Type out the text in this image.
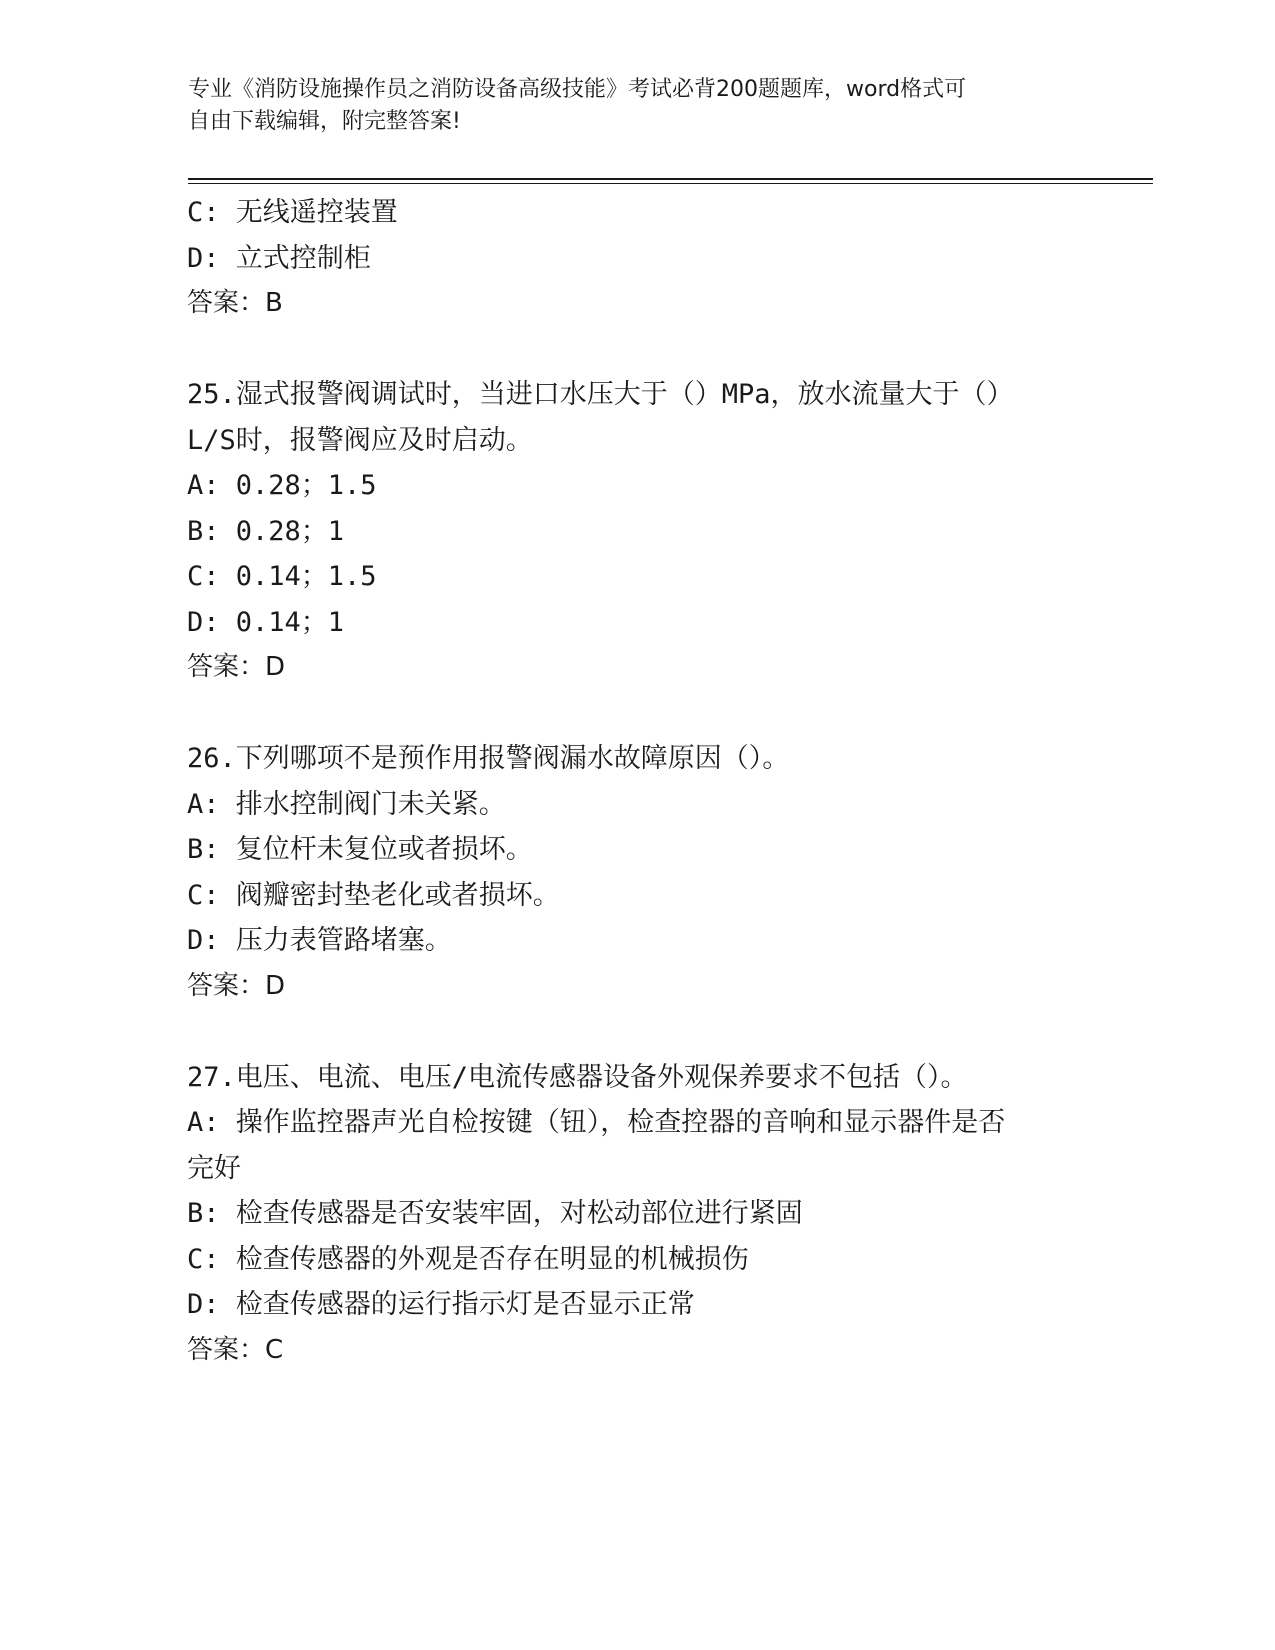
专业《消防设施操作员之消防设备高级技能》考试必背200题题库，word格式可
自由下载编辑，附完整答案!
C: 无线遥控装置
D: 立式控制柜
答案：B
25.湿式报警阀调试时，当进口水压大于（）MPa，放水流量大于（）
L/S时，报警阀应及时启动。
A: 0.28；1.5
B: 0.28；1
C: 0.14；1.5
D: 0.14；1
答案：D
26.下列哪项不是预作用报警阀漏水故障原因（）。
A: 排水控制阀门未关紧。
B: 复位杆未复位或者损坏。
C: 阀瓣密封垫老化或者损坏。
D: 压力表管路堵塞。
答案：D
27.电压、电流、电压/电流传感器设备外观保养要求不包括（）。
A: 操作监控器声光自检按键（钮），检查控器的音响和显示器件是否
完好
B: 检查传感器是否安装牢固，对松动部位进行紧固
C: 检查传感器的外观是否存在明显的机械损伤
D: 检查传感器的运行指示灯是否显示正常
答案：C
